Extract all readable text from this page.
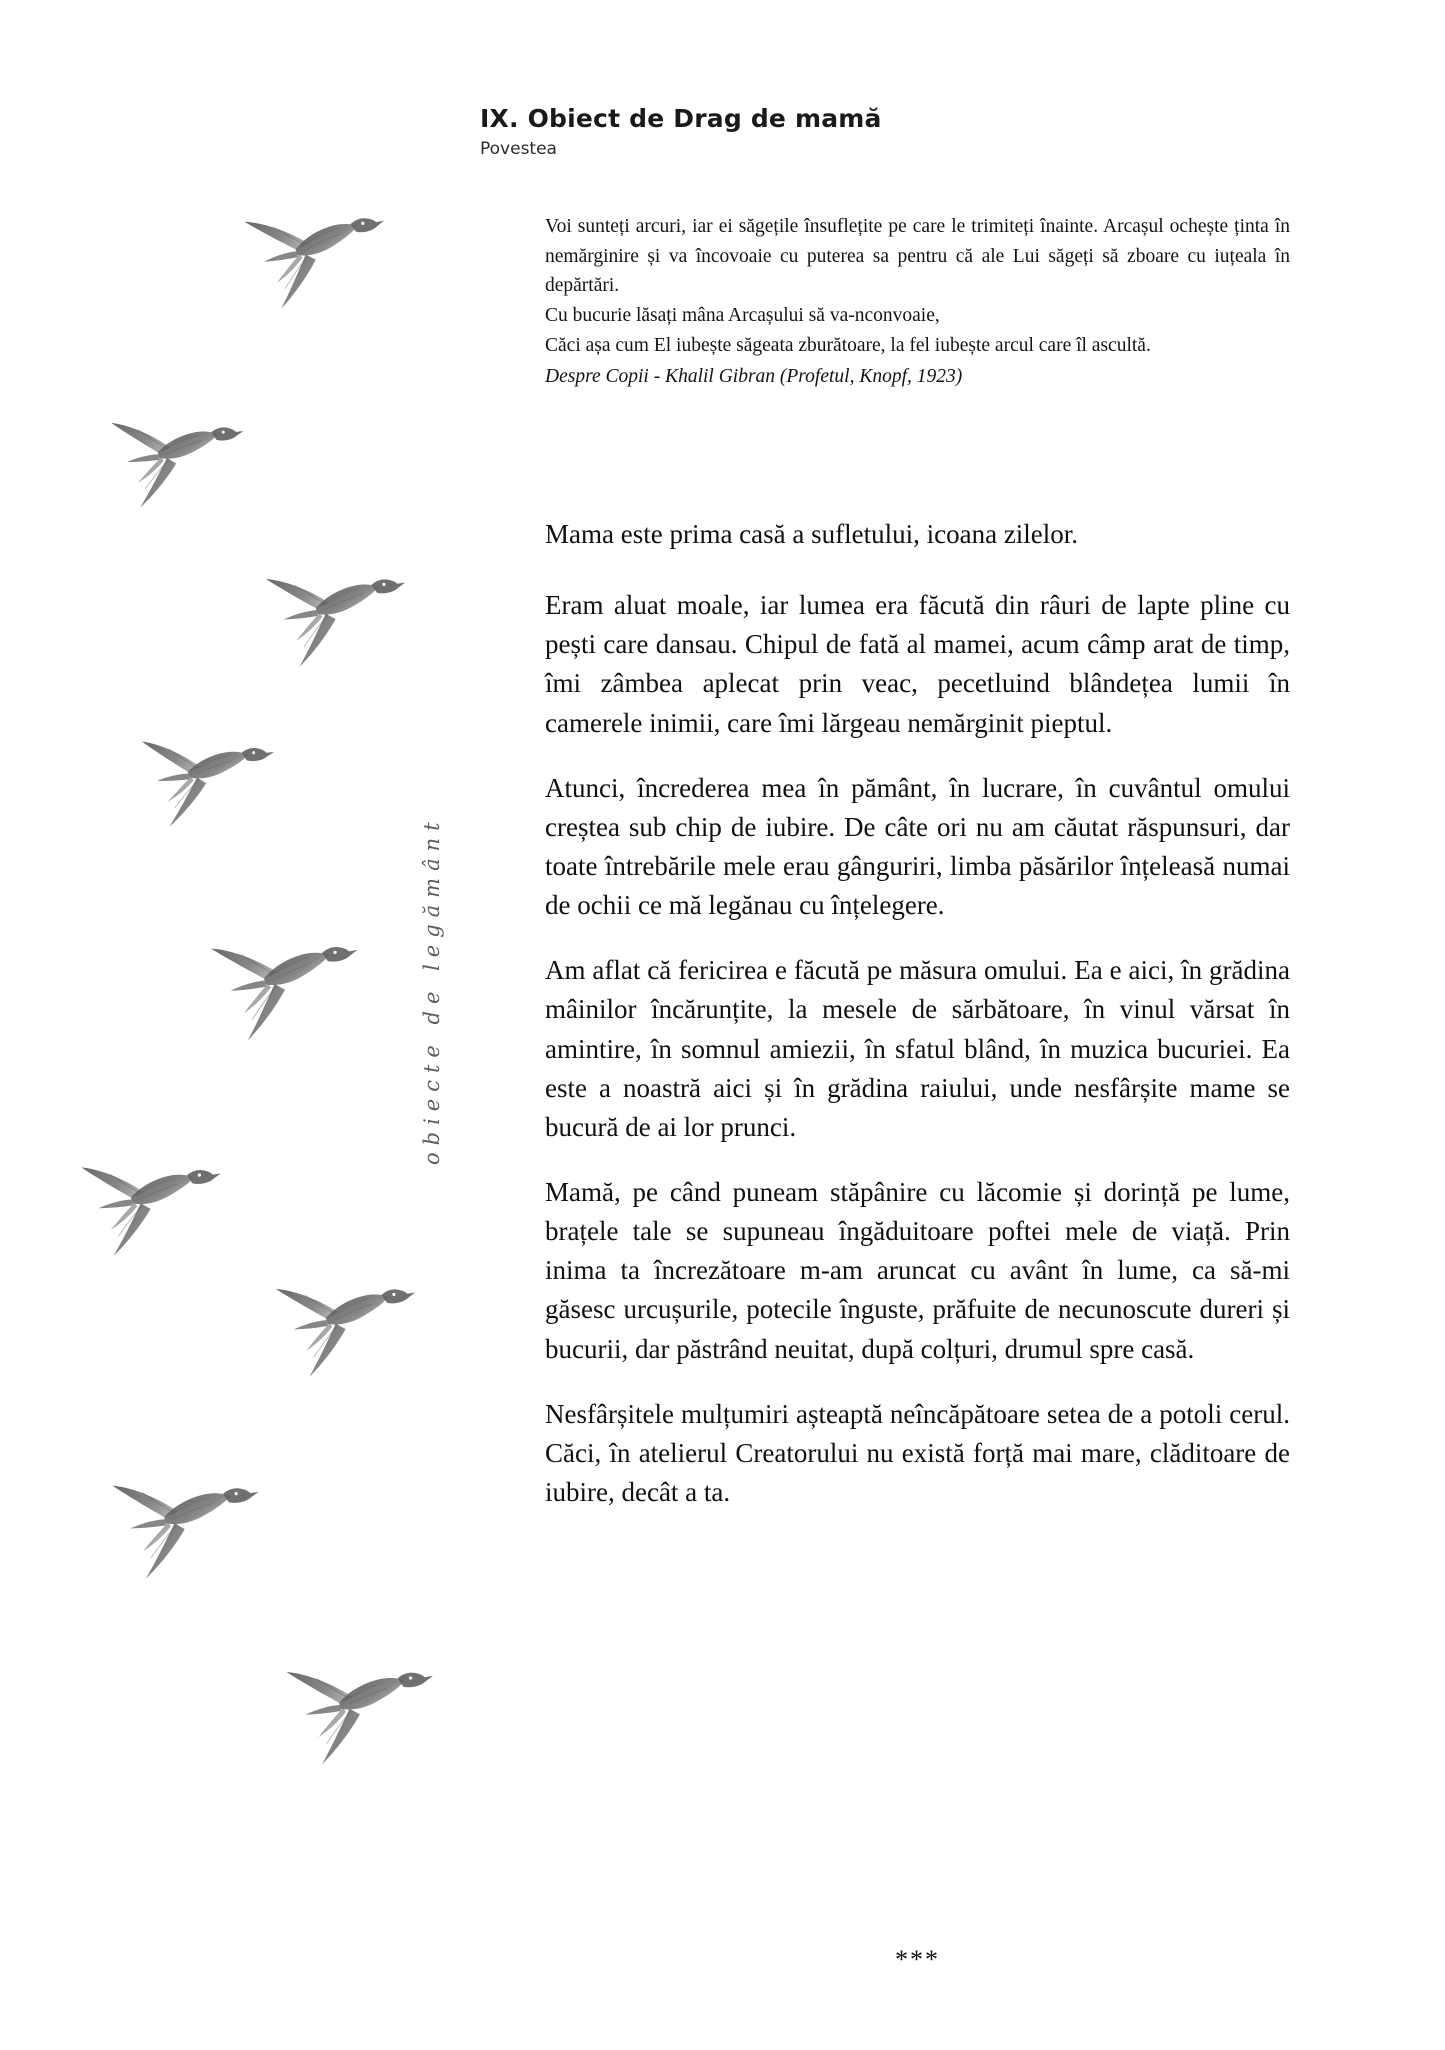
IX. Obiect de Drag de mamă
Povestea

Voi sunteți arcuri, iar ei săgețile însuflețite pe care le trimiteți înainte. Arcașul ochește ținta în nemărginire și va încovoaie cu puterea sa pentru că ale Lui săgeți să zboare cu iuțeala în depărtări.

Cu bucurie lăsați mâna Arcașului să va-nconvoaie,

Căci așa cum El iubește săgeata zburătoare, la fel iubește arcul care îl ascultă.

Despre Copii - Khalil Gibran (Profetul, Knopf, 1923)

Mama este prima casă a sufletului, icoana zilelor.

Eram aluat moale, iar lumea era făcută din râuri de lapte pline cu pești care dansau. Chipul de fată al mamei, acum câmp arat de timp, îmi zâmbea aplecat prin veac, pecetluind blândețea lumii în camerele inimii, care îmi lărgeau nemărginit pieptul.

Atunci, încrederea mea în pământ, în lucrare, în cuvântul omului creștea sub chip de iubire. De câte ori nu am căutat răspunsuri, dar toate întrebările mele erau gânguriri, limba păsărilor înțeleasă numai de ochii ce mă legănau cu înțelegere.

Am aflat că fericirea e făcută pe măsura omului. Ea e aici, în grădina mâinilor încărunțite, la mesele de sărbătoare, în vinul vărsat în amintire, în somnul amiezii, în sfatul blând, în muzica bucuriei. Ea este a noastră aici și în grădina raiului, unde nesfârșite mame se bucură de ai lor prunci.

Mamă, pe când puneam stăpânire cu lăcomie și dorință pe lume, brațele tale se supuneau îngăduitoare poftei mele de viață. Prin inima ta încrezătoare m-am aruncat cu avânt în lume, ca să-mi găsesc urcușurile, potecile înguste, prăfuite de necunoscute dureri și bucurii, dar păstrând neuitat, după colțuri, drumul spre casă.

Nesfârșitele mulțumiri așteaptă neîncăpătoare setea de a potoli cerul. Căci, în atelierul Creatorului nu există forță mai mare, clăditoare de iubire, decât a ta.

***
obiecte de legământ
